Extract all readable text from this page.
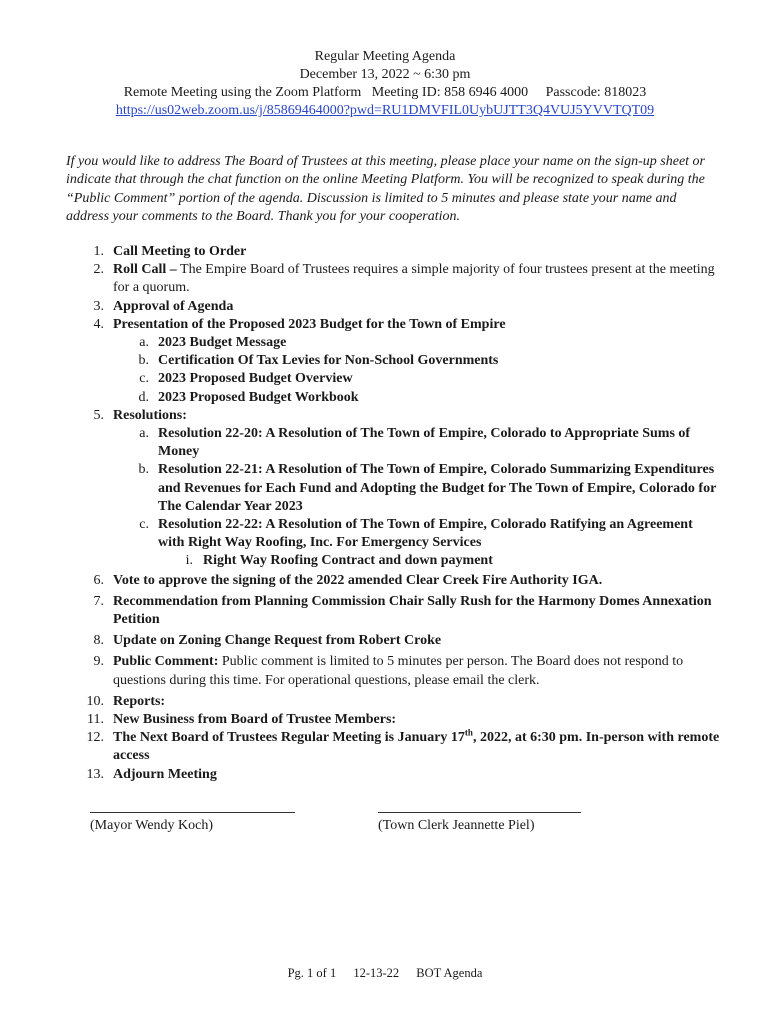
Regular Meeting Agenda
December 13, 2022 ~ 6:30 pm
Remote Meeting using the Zoom Platform Meeting ID: 858 6946 4000 Passcode: 818023
https://us02web.zoom.us/j/85869464000?pwd=RU1DMVFIL0UybUJTT3Q4VUJ5YVVTQT09
If you would like to address The Board of Trustees at this meeting, please place your name on the sign-up sheet or indicate that through the chat function on the online Meeting Platform. You will be recognized to speak during the “Public Comment” portion of the agenda. Discussion is limited to 5 minutes and please state your name and address your comments to the Board. Thank you for your cooperation.
1. Call Meeting to Order
2. Roll Call – The Empire Board of Trustees requires a simple majority of four trustees present at the meeting for a quorum.
3. Approval of Agenda
4. Presentation of the Proposed 2023 Budget for the Town of Empire
a. 2023 Budget Message
b. Certification Of Tax Levies for Non-School Governments
c. 2023 Proposed Budget Overview
d. 2023 Proposed Budget Workbook
5. Resolutions:
a. Resolution 22-20: A Resolution of The Town of Empire, Colorado to Appropriate Sums of Money
b. Resolution 22-21: A Resolution of The Town of Empire, Colorado Summarizing Expenditures and Revenues for Each Fund and Adopting the Budget for The Town of Empire, Colorado for The Calendar Year 2023
c. Resolution 22-22: A Resolution of The Town of Empire, Colorado Ratifying an Agreement with Right Way Roofing, Inc. For Emergency Services
i. Right Way Roofing Contract and down payment
6. Vote to approve the signing of the 2022 amended Clear Creek Fire Authority IGA.
7. Recommendation from Planning Commission Chair Sally Rush for the Harmony Domes Annexation Petition
8. Update on Zoning Change Request from Robert Croke
9. Public Comment: Public comment is limited to 5 minutes per person. The Board does not respond to questions during this time. For operational questions, please email the clerk.
10. Reports:
11. New Business from Board of Trustee Members:
12. The Next Board of Trustees Regular Meeting is January 17th, 2022, at 6:30 pm. In-person with remote access
13. Adjourn Meeting
(Mayor Wendy Koch)	(Town Clerk Jeannette Piel)
Pg. 1 of 1 12-13-22 BOT Agenda
